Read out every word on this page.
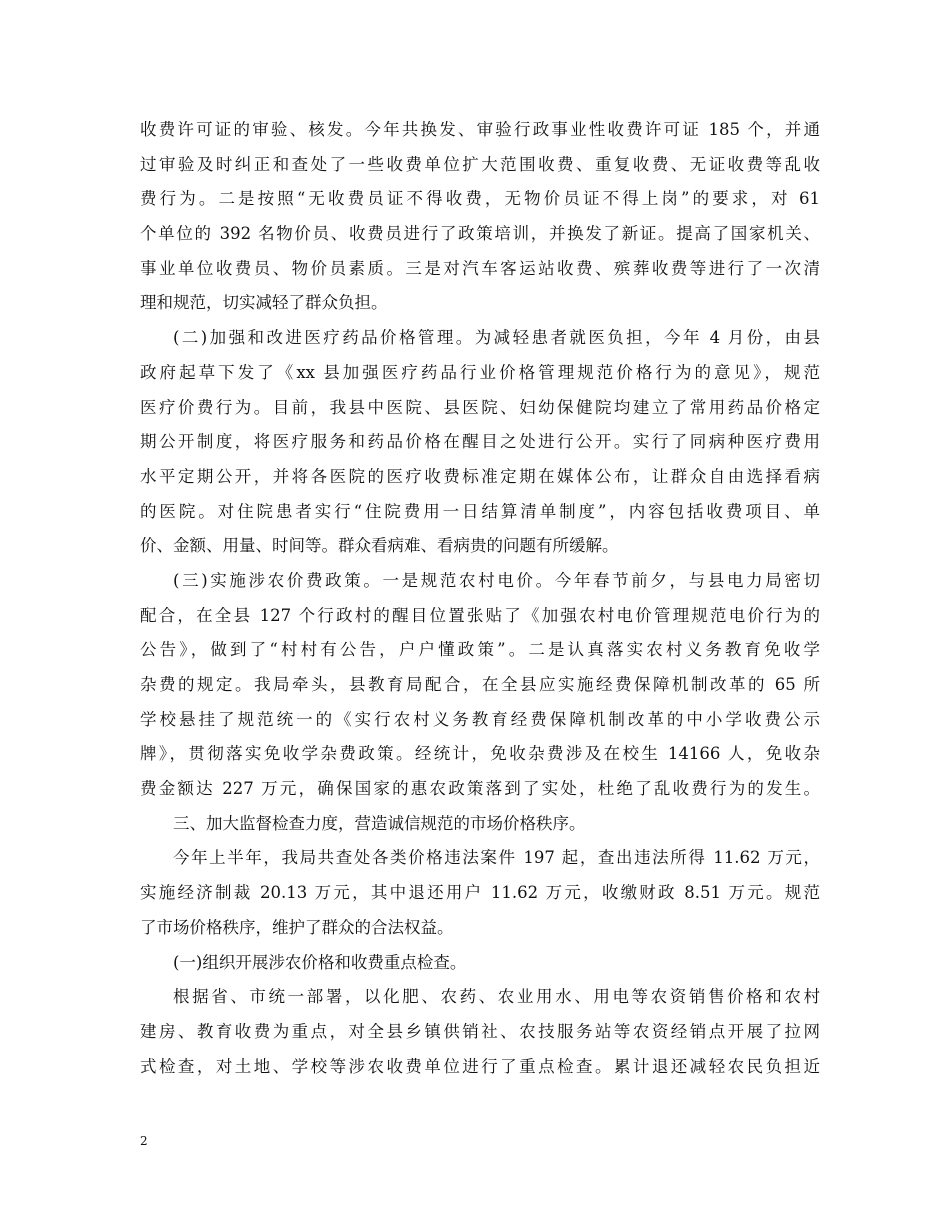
收费许可证的审验、核发。今年共换发、审验行政事业性收费许可证 185 个，并通
过审验及时纠正和查处了一些收费单位扩大范围收费、重复收费、无证收费等乱收
费行为。二是按照“无收费员证不得收费，无物价员证不得上岗”的要求，对 61
个单位的 392 名物价员、收费员进行了政策培训，并换发了新证。提高了国家机关、
事业单位收费员、物价员素质。三是对汽车客运站收费、殡葬收费等进行了一次清
理和规范，切实减轻了群众负担。
(二)加强和改进医疗药品价格管理。为减轻患者就医负担，今年 4 月份，由县
政府起草下发了《xx 县加强医疗药品行业价格管理规范价格行为的意见》，规范
医疗价费行为。目前，我县中医院、县医院、妇幼保健院均建立了常用药品价格定
期公开制度，将医疗服务和药品价格在醒目之处进行公开。实行了同病种医疗费用
水平定期公开，并将各医院的医疗收费标准定期在媒体公布，让群众自由选择看病
的医院。对住院患者实行“住院费用一日结算清单制度”，内容包括收费项目、单
价、金额、用量、时间等。群众看病难、看病贵的问题有所缓解。
(三)实施涉农价费政策。一是规范农村电价。今年春节前夕，与县电力局密切
配合，在全县 127 个行政村的醒目位置张贴了《加强农村电价管理规范电价行为的
公告》，做到了“村村有公告，户户懂政策”。二是认真落实农村义务教育免收学
杂费的规定。我局牵头，县教育局配合，在全县应实施经费保障机制改革的 65 所
学校悬挂了规范统一的《实行农村义务教育经费保障机制改革的中小学收费公示
牌》，贯彻落实免收学杂费政策。经统计，免收杂费涉及在校生 14166 人，免收杂
费金额达 227 万元，确保国家的惠农政策落到了实处，杜绝了乱收费行为的发生。
三、加大监督检查力度，营造诚信规范的市场价格秩序。
今年上半年，我局共查处各类价格违法案件 197 起，查出违法所得 11.62 万元，
实施经济制裁 20.13 万元，其中退还用户 11.62 万元，收缴财政 8.51 万元。规范
了市场价格秩序，维护了群众的合法权益。
(一)组织开展涉农价格和收费重点检查。
根据省、市统一部署，以化肥、农药、农业用水、用电等农资销售价格和农村
建房、教育收费为重点，对全县乡镇供销社、农技服务站等农资经销点开展了拉网
式检查，对土地、学校等涉农收费单位进行了重点检查。累计退还减轻农民负担近
2
